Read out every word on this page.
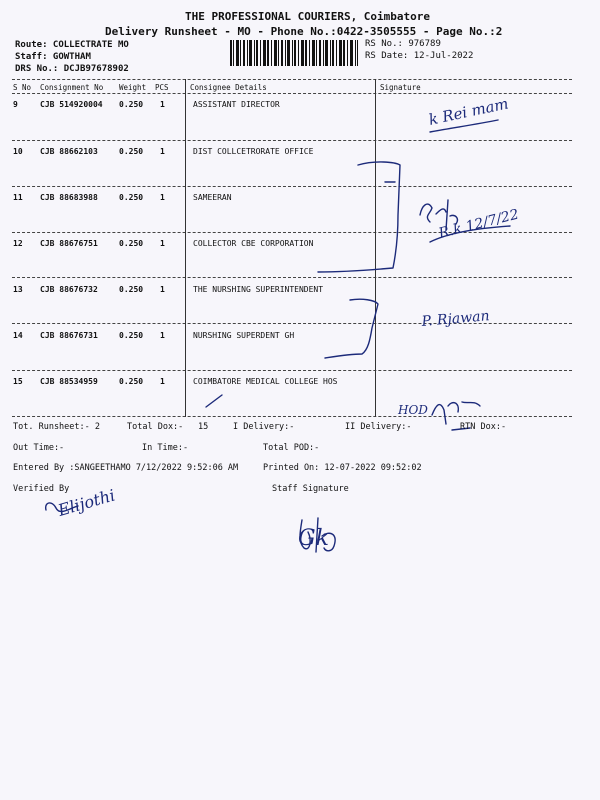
THE PROFESSIONAL COURIERS, Coimbatore
Delivery Runsheet - MO - Phone No.:0422-3505555 - Page No.:2
Route: COLLECTRATE MO
Staff: GOWTHAM
DRS No.: DCJB97678902
RS No.: 976789
RS Date: 12-Jul-2022
S No Consignment No Weight PCS	Consignee Details	Signature
9	CJB 514920004 0.250 1	ASSISTANT DIRECTOR
10 CJB 88662103	0.250 1	DIST COLLCETRORATE OFFICE
11 CJB 88683988	0.250 1	SAMEERAN
12 CJB 88676751	0.250 1	COLLECTOR CBE CORPORATION
13 CJB 88676732	0.250 1	THE NURSHING SUPERINTENDENT
14 CJB 88676731	0.250 1	NURSHING SUPERDENT GH
15 CJB 88534959	0.250 1	COIMBATORE MEDICAL COLLEGE HOS
k Rei mam
R.k 12/7/22
P. Rjawan
HOD
Elijothi
Gk
Tot. Runsheet:- 2	Total Dox:- 15	I Delivery:-	II Delivery:-	RTN Dox:-
Out Time:-	In Time:-	Total POD:-
Entered By :SANGEETHAMO 7/12/2022 9:52:06 AM	Printed On: 12-07-2022 09:52:02
Verified By	Staff Signature
